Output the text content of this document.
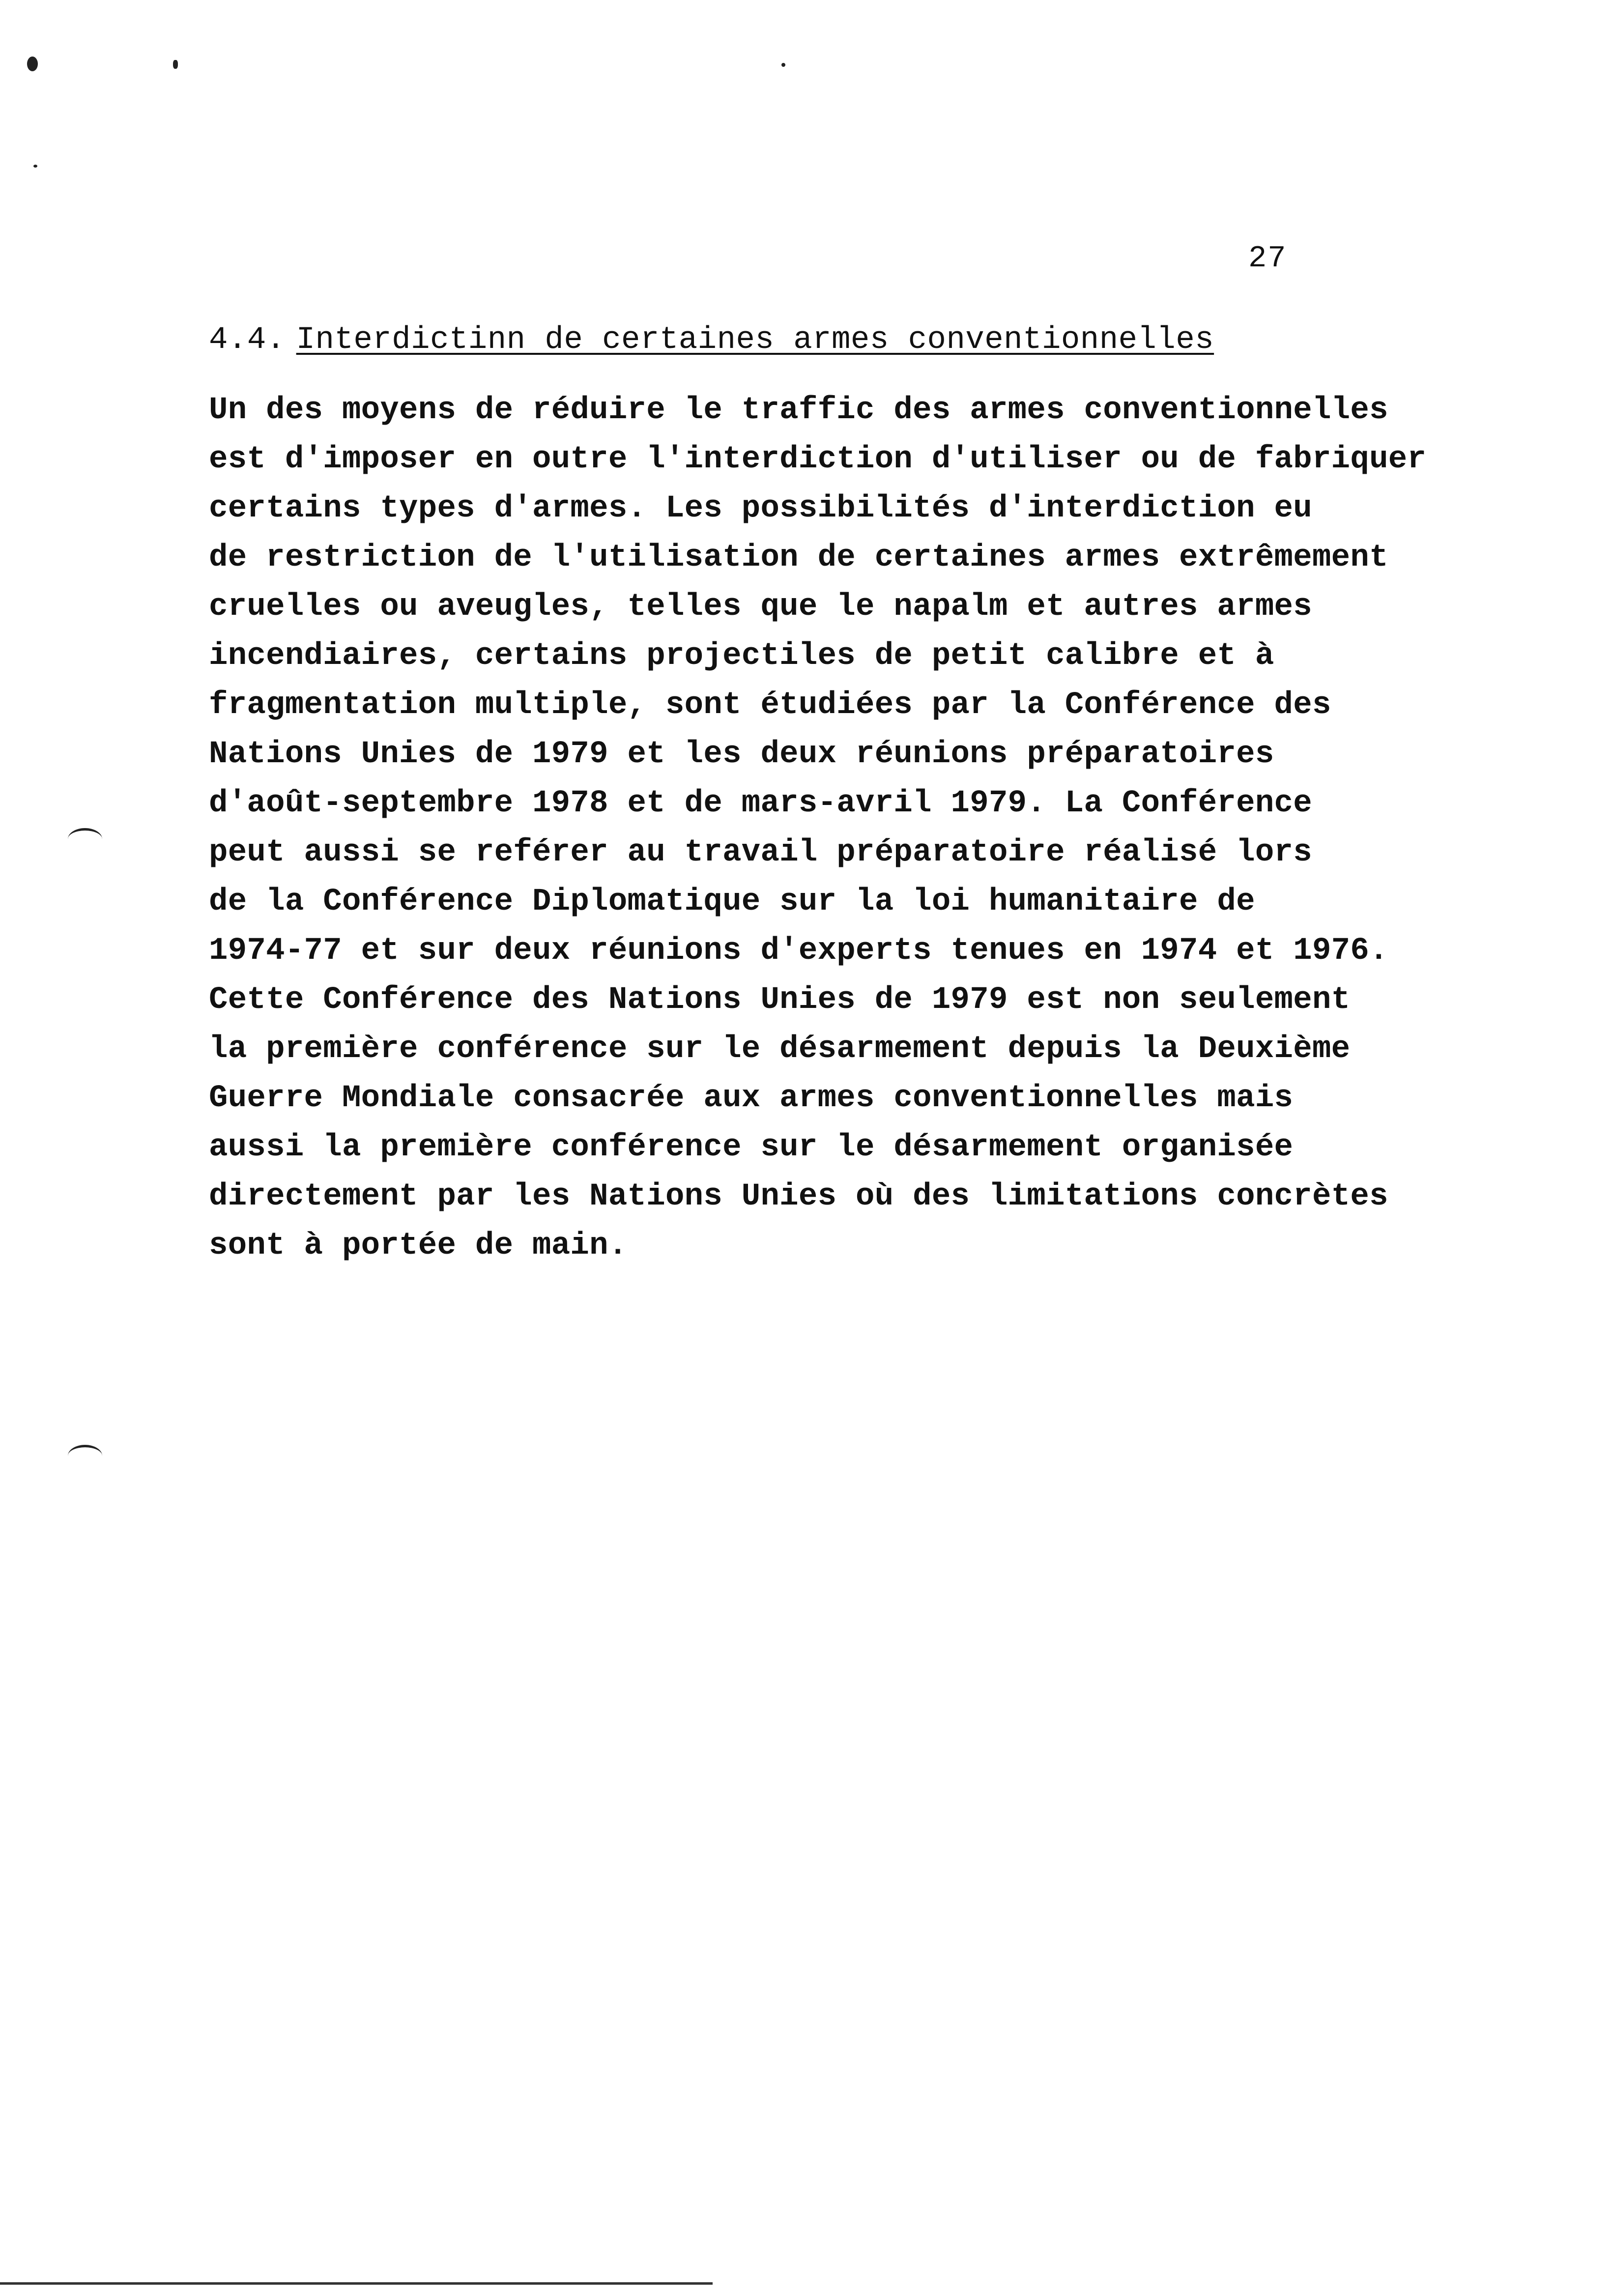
27
4.4. Interdictinn de certaines armes conventionnelles
Un des moyens de réduire le traffic des armes conventionnelles
est d'imposer en outre l'interdiction d'utiliser ou de fabriquer
certains types d'armes. Les possibilités d'interdiction eu
de restriction de l'utilisation de certaines armes extrêmement
cruelles ou aveugles, telles que le napalm et autres armes
incendiaires, certains projectiles de petit calibre et à
fragmentation multiple, sont étudiées par la Conférence des
Nations Unies de 1979 et les deux réunions préparatoires
d'août-septembre 1978 et de mars-avril 1979. La Conférence
peut aussi se reférer au travail préparatoire réalisé lors
de la Conférence Diplomatique sur la loi humanitaire de
1974-77 et sur deux réunions d'experts tenues en 1974 et 1976.
Cette Conférence des Nations Unies de 1979 est non seulement
la première conférence sur le désarmement depuis la Deuxième
Guerre Mondiale consacrée aux armes conventionnelles mais
aussi la première conférence sur le désarmement organisée
directement par les Nations Unies où des limitations concrètes
sont à portée de main.
